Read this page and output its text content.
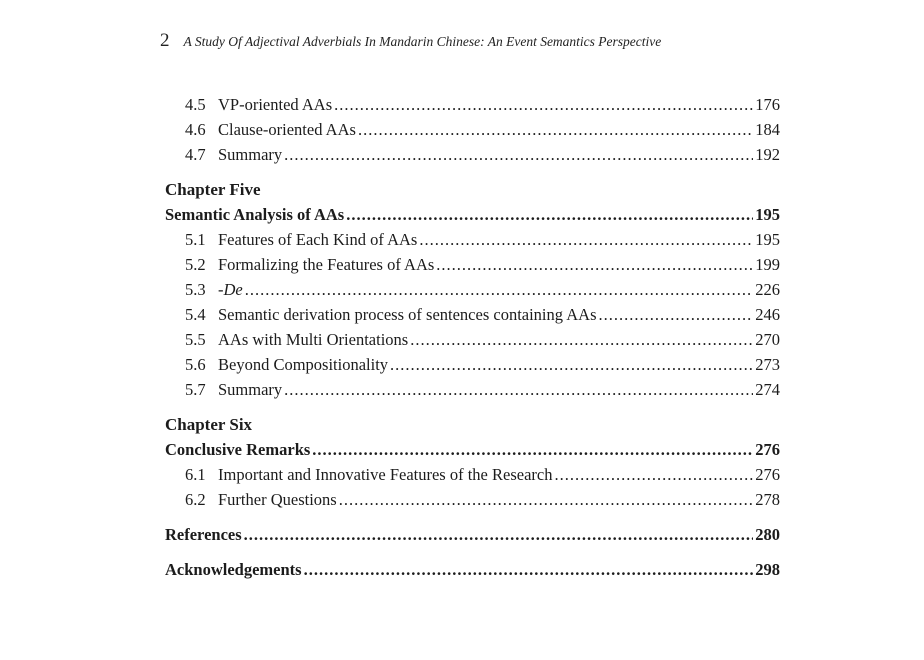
2 A Study Of Adjectival Adverbials In Mandarin Chinese: An Event Semantics Perspective
4.5 VP-oriented AAs .....	176
4.6 Clause-oriented AAs .....	184
4.7 Summary .....	192
Chapter Five
Semantic Analysis of AAs .....	195
5.1 Features of Each Kind of AAs .....	195
5.2 Formalizing the Features of AAs .....	199
5.3 -De .....	226
5.4 Semantic derivation process of sentences containing AAs .....	246
5.5 AAs with Multi Orientations .....	270
5.6 Beyond Compositionality .....	273
5.7 Summary .....	274
Chapter Six
Conclusive Remarks .....	276
6.1 Important and Innovative Features of the Research .....	276
6.2 Further Questions .....	278
References .....	280
Acknowledgements .....	298
